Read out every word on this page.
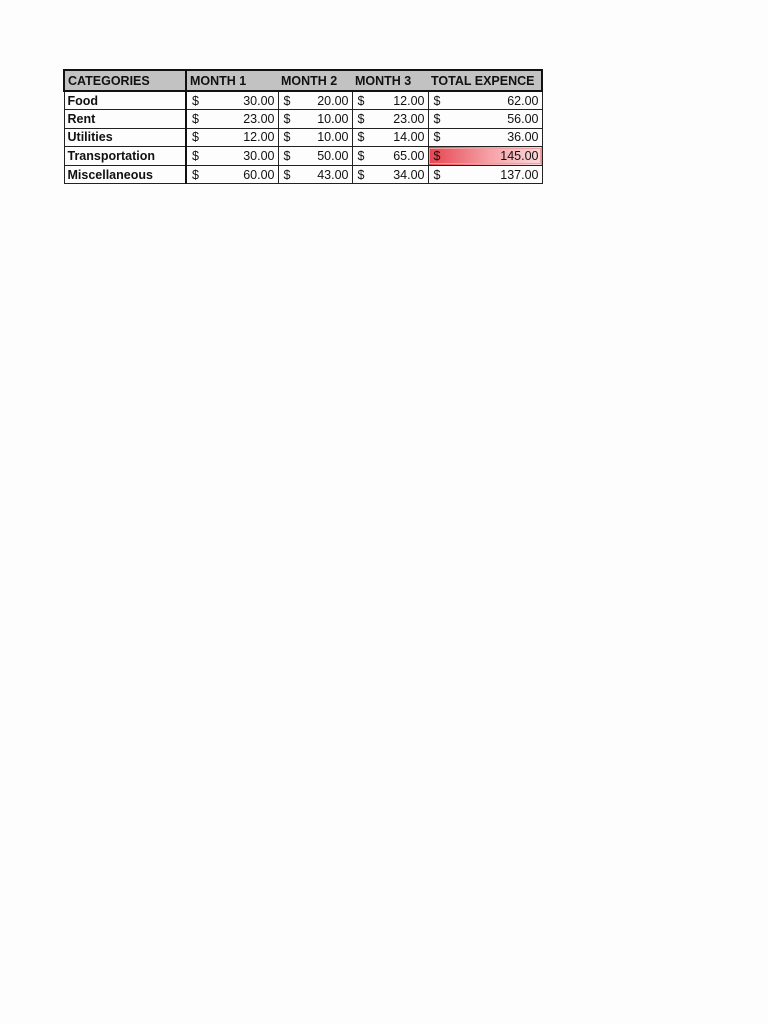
CATEGORIES	MONTH 1	MONTH 2	MONTH 3	TOTAL EXPENCE
Food	$ 30.00	$ 20.00	$ 12.00	$ 62.00

Rent	$ 23.00	$ 10.00	$ 23.00	$ 56.00

Utilities	$ 12.00	$ 10.00	$ 14.00	$ 36.00

Transportation	$ 30.00	$ 50.00	$ 65.00	$ 145.00

Miscellaneous	$ 60.00	$ 43.00	$ 34.00	$ 137.00
